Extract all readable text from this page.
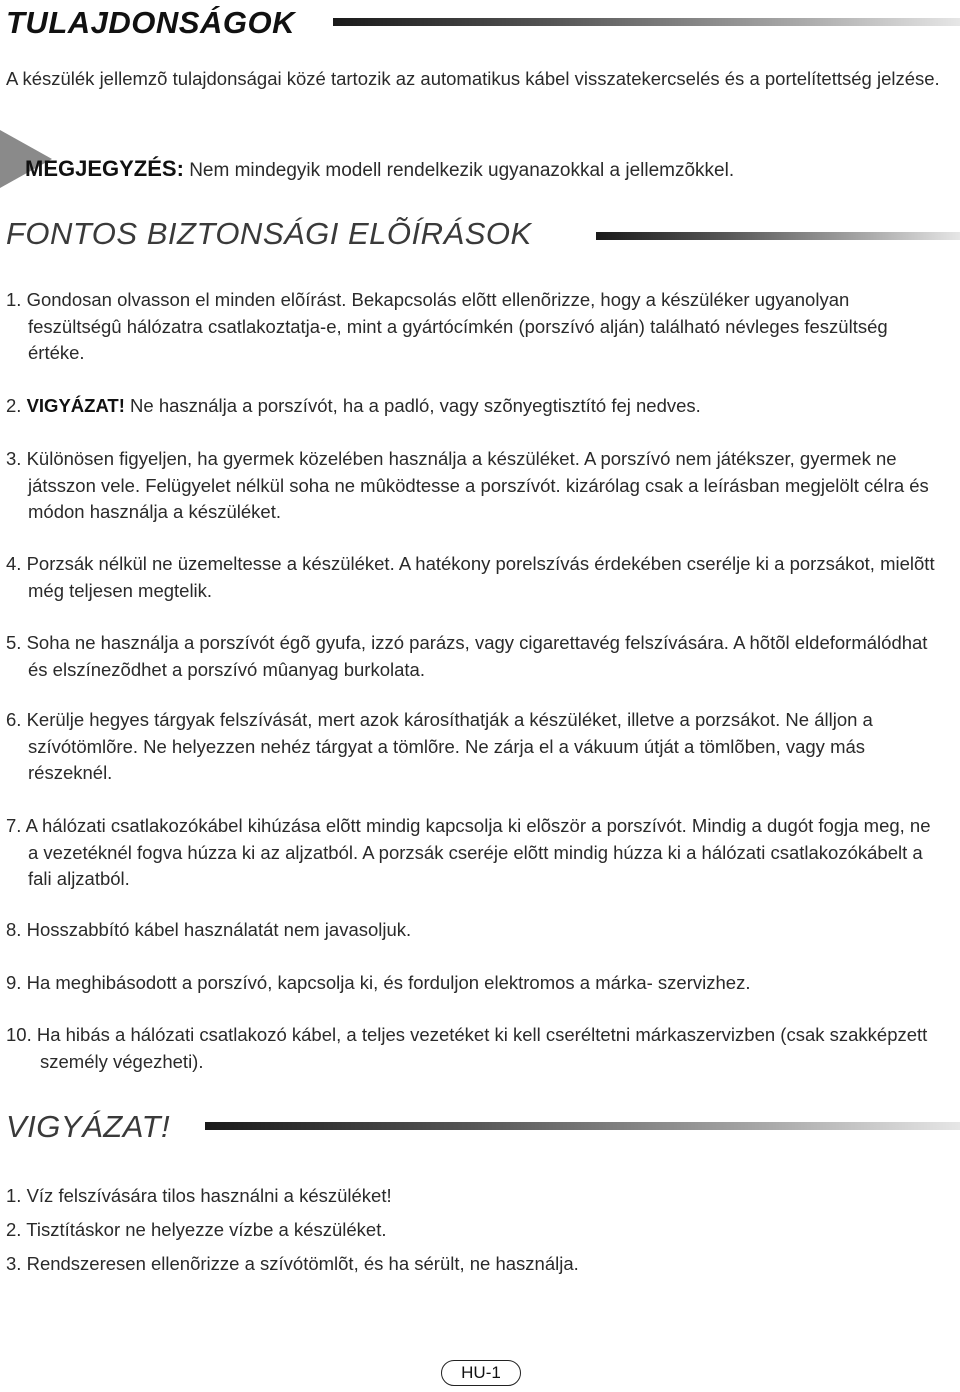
TULAJDONSÁGOK

A készülék jellemzõ tulajdonságai közé tartozik az automatikus kábel visszatekercselés és a portelítettség jelzése.

MEGJEGYZÉS: Nem mindegyik modell rendelkezik ugyanazokkal a jellemzõkkel.

FONTOS BIZTONSÁGI ELÕÍRÁSOK

1. Gondosan olvasson el minden elõírást. Bekapcsolás elõtt ellenõrizze, hogy a készüléker ugyanolyan feszültségû hálózatra csatlakoztatja-e, mint a gyártócímkén (porszívó alján) található névleges feszültség értéke.

2. VIGYÁZAT! Ne használja a porszívót, ha a padló, vagy szõnyegtisztító fej nedves.

3. Különösen figyeljen, ha gyermek közelében használja a készüléket. A porszívó nem játékszer, gyermek ne játsszon vele. Felügyelet nélkül soha ne mûködtesse a porszívót. kizárólag csak a leírásban megjelölt célra és módon használja a készüléket.

4. Porzsák nélkül ne üzemeltesse a készüléket. A hatékony porelszívás érdekében cserélje ki a porzsákot, mielõtt még teljesen megtelik.

5. Soha ne használja a porszívót égõ gyufa, izzó parázs, vagy cigarettavég felszívására. A hõtõl eldeformálódhat és elszínezõdhet a porszívó mûanyag burkolata.

6. Kerülje hegyes tárgyak felszívását, mert azok károsíthatják a készüléket, illetve a porzsákot. Ne álljon a szívótömlõre. Ne helyezzen nehéz tárgyat a tömlõre. Ne zárja el a vákuum útját a tömlõben, vagy más részeknél.

7. A hálózati csatlakozókábel kihúzása elõtt mindig kapcsolja ki elõször a porszívót. Mindig a dugót fogja meg, ne a vezetéknél fogva húzza ki az aljzatból. A porzsák cseréje elõtt mindig húzza ki a hálózati csatlakozókábelt a fali aljzatból.

8. Hosszabbító kábel használatát nem javasoljuk.

9. Ha meghibásodott a porszívó, kapcsolja ki, és forduljon elektromos a márka- szervizhez.

10. Ha hibás a hálózati csatlakozó kábel, a teljes vezetéket ki kell cseréltetni márkaszervizben (csak szakképzett személy végezheti).

VIGYÁZAT!

1. Víz felszívására tilos használni a készüléket!

2. Tisztításkor ne helyezze vízbe a készüléket.

3. Rendszeresen ellenõrizze a szívótömlõt, és ha sérült, ne használja.

HU-1
